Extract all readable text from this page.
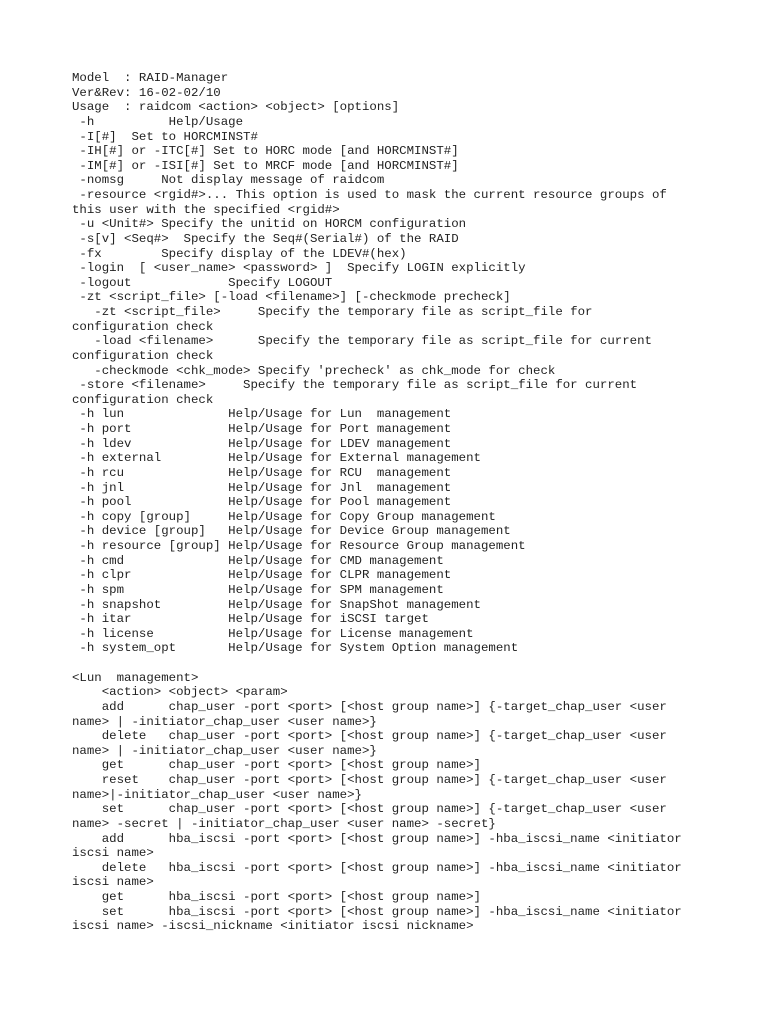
Model  : RAID-Manager
Ver&Rev: 16-02-02/10
Usage  : raidcom <action> <object> [options]
-h          Help/Usage
-I[#]  Set to HORCMINST#
-IH[#] or -ITC[#] Set to HORC mode [and HORCMINST#]
-IM[#] or -ISI[#] Set to MRCF mode [and HORCMINST#]
-nomsg     Not display message of raidcom
-resource <rgid#>... This option is used to mask the current resource groups of
this user with the specified <rgid#>
-u <Unit#> Specify the unitid on HORCM configuration
-s[v] <Seq#>  Specify the Seq#(Serial#) of the RAID
-fx        Specify display of the LDEV#(hex)
-login  [ <user_name> <password> ]  Specify LOGIN explicitly
-logout             Specify LOGOUT
-zt <script_file> [-load <filename>] [-checkmode precheck]
-zt <script_file>     Specify the temporary file as script_file for
configuration check
-load <filename>      Specify the temporary file as script_file for current
configuration check
-checkmode <chk_mode> Specify 'precheck' as chk_mode for check
-store <filename>     Specify the temporary file as script_file for current
configuration check
-h lun              Help/Usage for Lun  management
-h port             Help/Usage for Port management
-h ldev             Help/Usage for LDEV management
-h external         Help/Usage for External management
-h rcu              Help/Usage for RCU  management
-h jnl              Help/Usage for Jnl  management
-h pool             Help/Usage for Pool management
-h copy [group]     Help/Usage for Copy Group management
-h device [group]   Help/Usage for Device Group management
-h resource [group] Help/Usage for Resource Group management
-h cmd              Help/Usage for CMD management
-h clpr             Help/Usage for CLPR management
-h spm              Help/Usage for SPM management
-h snapshot         Help/Usage for SnapShot management
-h itar             Help/Usage for iSCSI target
-h license          Help/Usage for License management
-h system_opt       Help/Usage for System Option management
<Lun  management>
<action> <object> <param>
add      chap_user -port <port> [<host group name>] {-target_chap_user <user
name> | -initiator_chap_user <user name>}
delete   chap_user -port <port> [<host group name>] {-target_chap_user <user
name> | -initiator_chap_user <user name>}
get      chap_user -port <port> [<host group name>]
reset    chap_user -port <port> [<host group name>] {-target_chap_user <user
name>|-initiator_chap_user <user name>}
set      chap_user -port <port> [<host group name>] {-target_chap_user <user
name> -secret | -initiator_chap_user <user name> -secret}
add      hba_iscsi -port <port> [<host group name>] -hba_iscsi_name <initiator
iscsi name>
delete   hba_iscsi -port <port> [<host group name>] -hba_iscsi_name <initiator
iscsi name>
get      hba_iscsi -port <port> [<host group name>]
set      hba_iscsi -port <port> [<host group name>] -hba_iscsi_name <initiator
iscsi name> -iscsi_nickname <initiator iscsi nickname>
